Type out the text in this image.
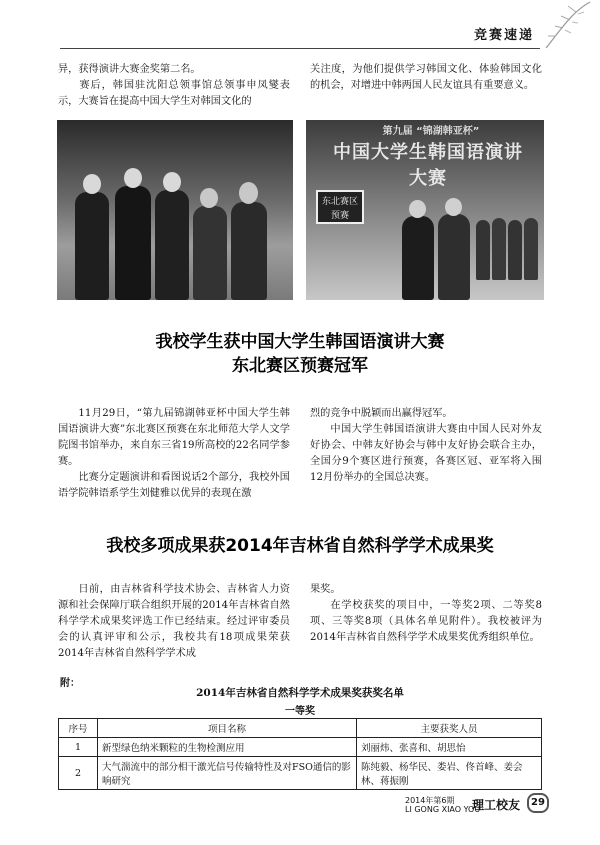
竞赛速递

异，获得演讲大赛金奖第二名。
赛后，韩国驻沈阳总领事馆总领事申凤燮表示，大赛旨在提高中国大学生对韩国文化的

关注度，为他们提供学习韩国文化、体验韩国文化的机会，对增进中韩两国人民友谊具有重要意义。

第九届 “锦湖韩亚杯”
中国大学生韩国语演讲大赛
东北赛区 预赛
我校学生获中国大学生韩国语演讲大赛
东北赛区预赛冠军

11月29日，“第九届锦湖韩亚杯中国大学生韩国语演讲大赛”东北赛区预赛在东北师范大学人文学院图书馆举办，来自东三省19所高校的22名同学参赛。

比赛分定题演讲和看图说话2个部分，我校外国语学院韩语系学生刘健雅以优异的表现在激

烈的竞争中脱颖而出赢得冠军。

中国大学生韩国语演讲大赛由中国人民对外友好协会、中韩友好协会与韩中友好协会联合主办，全国分9个赛区进行预赛，各赛区冠、亚军将入围12月份举办的全国总决赛。

我校多项成果获2014年吉林省自然科学学术成果奖

日前，由吉林省科学技术协会、吉林省人力资源和社会保障厅联合组织开展的2014年吉林省自然科学学术成果奖评选工作已经结束。经过评审委员会的认真评审和公示，我校共有18项成果荣获2014年吉林省自然科学学术成

果奖。

在学校获奖的项目中，一等奖2项、二等奖8项、三等奖8项（具体名单见附件）。我校被评为2014年吉林省自然科学学术成果奖优秀组织单位。

附：
2014年吉林省自然科学学术成果奖获奖名单
一等奖
序号	项目名称	主要获奖人员
1	新型绿色纳米颗粒的生物检测应用	刘丽炜、张喜和、胡思怡
2	大气湍流中的部分相干激光信号传输特性及对FSO通信的影响研究	陈纯毅、杨华民、娄岩、佟首峰、姜会林、蒋振刚
2014年第6期
LI GONG XIAO YOU
理工校友	29
